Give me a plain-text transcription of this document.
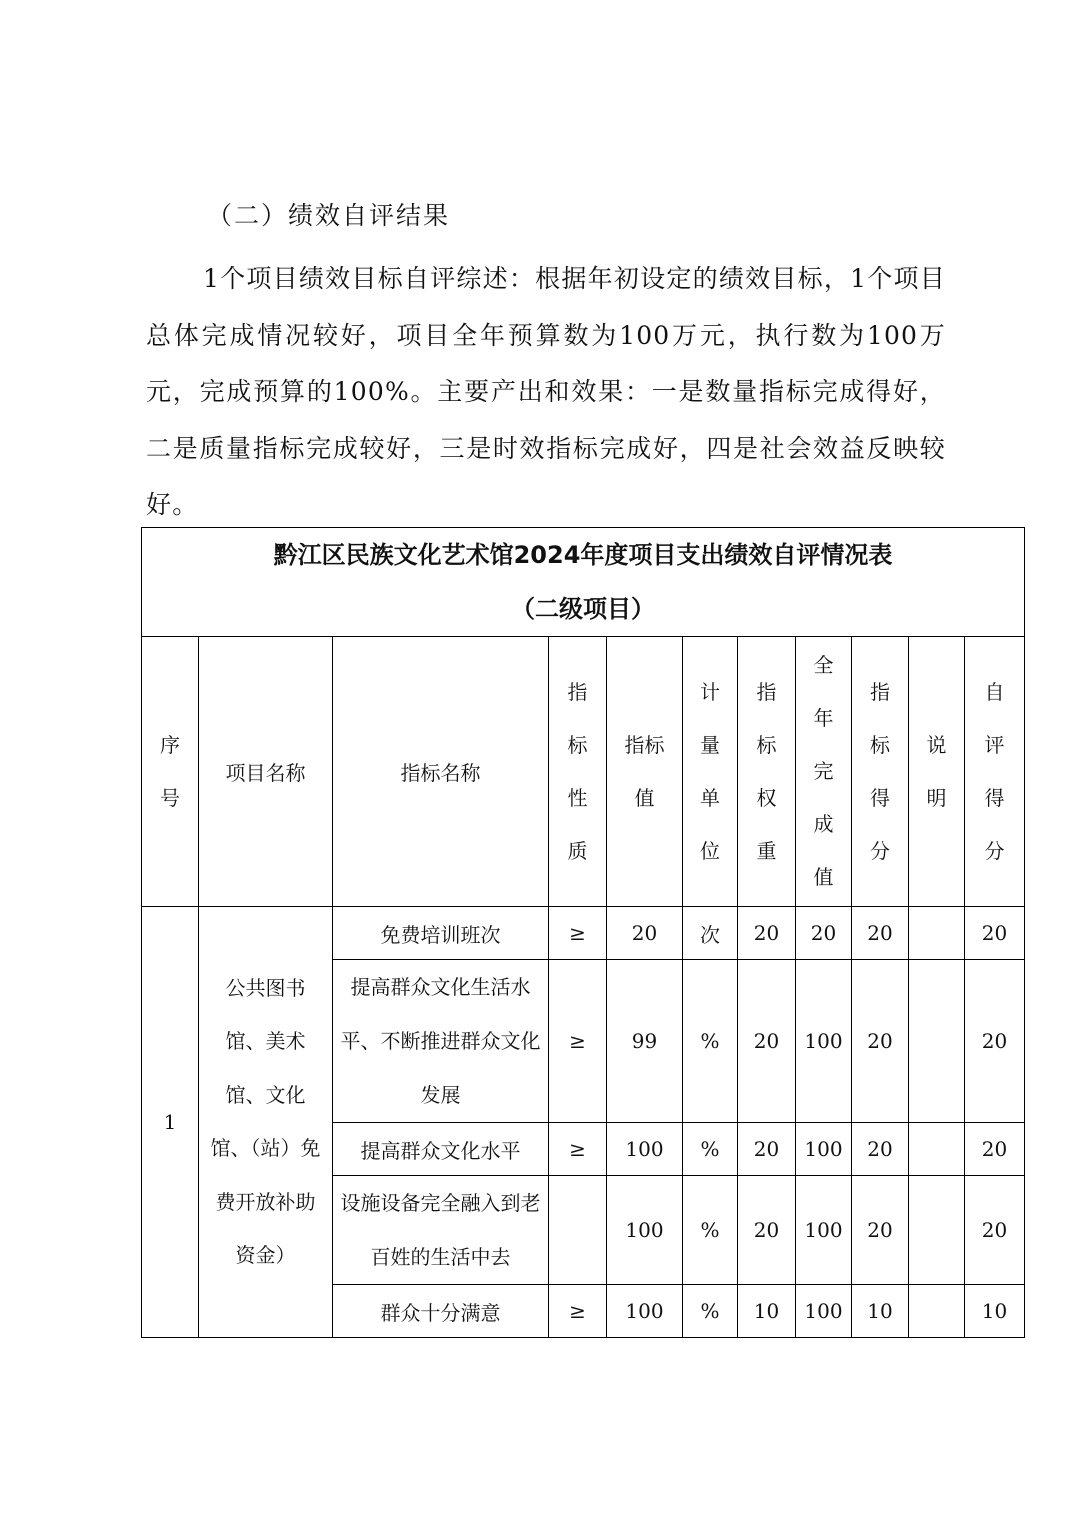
（二）绩效自评结果

1个项目绩效目标自评综述：根据年初设定的绩效目标，1个项目总体完成情况较好，项目全年预算数为100万元，执行数为100万元，完成预算的100%。主要产出和效果：一是数量指标完成得好，二是质量指标完成较好，三是时效指标完成好，四是社会效益反映较好。

黔江区民族文化艺术馆2024年度项目支出绩效自评情况表
（二级项目）										

序号	项目名称	指标名称	指标性质	指标值	计量单位	指标权重	全年完成值	指标得分	说明	自评得分

1	公共图书馆、美术馆、文化馆、（站）免费开放补助资金）	免费培训班次	≥	20	次	20	20	20		20

		提高群众文化生活水平、不断推进群众文化发展	≥	99	%	20	100	20		20
		提高群众文化水平	≥	100	%	20	100	20		20

		设施设备完全融入到老百姓的生活中去		100	%	20	100	20		20
		群众十分满意	≥	100	%	10	100	10		10
